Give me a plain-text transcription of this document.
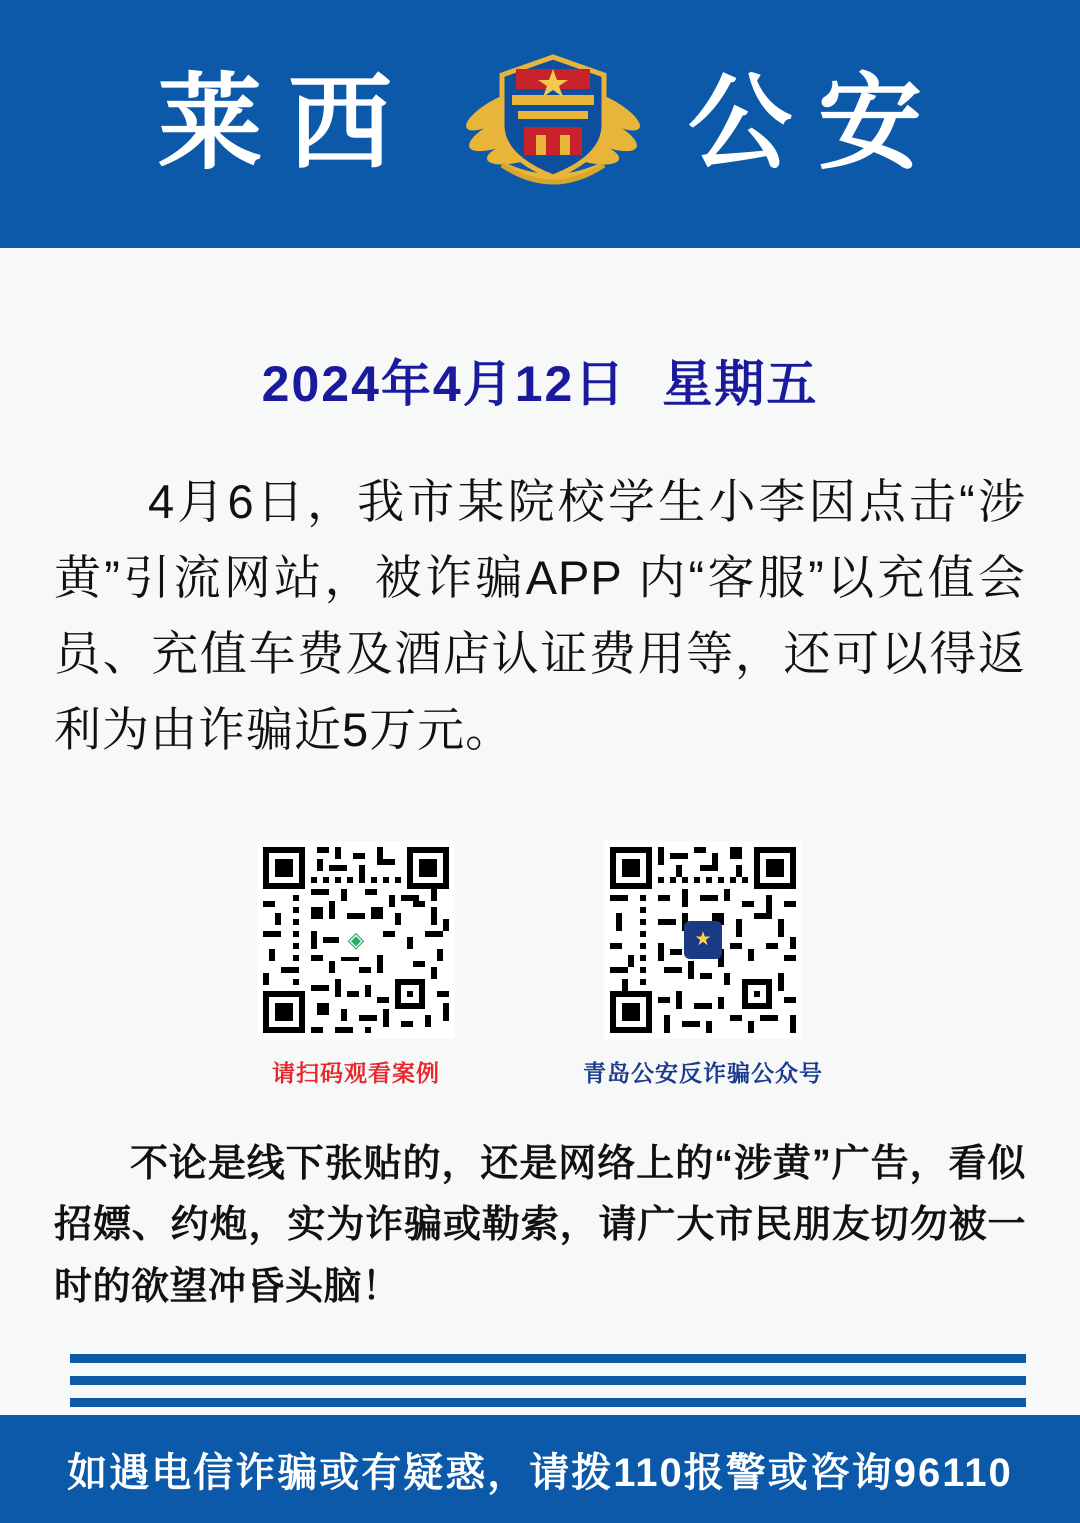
莱西	公安
2024年4月12日 星期五
4月6日，我市某院校学生小李因点击“涉黄”引流网站，被诈骗APP 内“客服”以充值会员、充值车费及酒店认证费用等，还可以得返利为由诈骗近5万元。
◈
请扫码观看案例
★
青岛公安反诈骗公众号
不论是线下张贴的，还是网络上的“涉黄”广告，看似招嫖、约炮，实为诈骗或勒索，请广大市民朋友切勿被一时的欲望冲昏头脑！
如遇电信诈骗或有疑惑，请拨110报警或咨询96110
